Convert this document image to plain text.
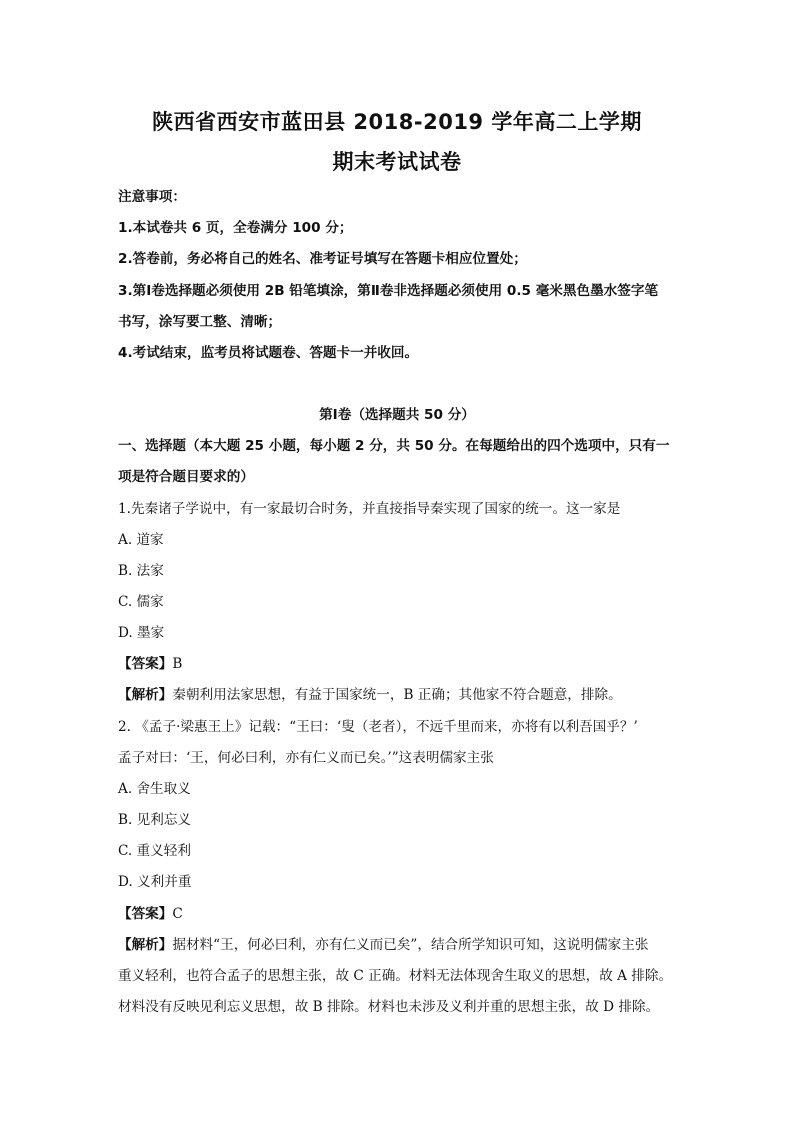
陕西省西安市蓝田县 2018-2019 学年高二上学期
期末考试试卷
注意事项：
1.本试卷共 6 页，全卷满分 100 分；
2.答卷前，务必将自己的姓名、准考证号填写在答题卡相应位置处；
3.第Ⅰ卷选择题必须使用 2B 铅笔填涂，第Ⅱ卷非选择题必须使用 0.5 毫米黑色墨水签字笔
书写，涂写要工整、清晰；
4.考试结束，监考员将试题卷、答题卡一并收回。
第Ⅰ卷（选择题共 50 分）
一、选择题（本大题 25 小题，每小题 2 分，共 50 分。在每题给出的四个选项中，只有一
项是符合题目要求的）
1.先秦诸子学说中，有一家最切合时务，并直接指导秦实现了国家的统一。这一家是
A. 道家
B. 法家
C. 儒家
D. 墨家
【答案】B
【解析】秦朝利用法家思想，有益于国家统一，B 正确；其他家不符合题意，排除。
2. 《孟子·梁惠王上》记载：“王曰：‘叟（老者），不远千里而来，亦将有以利吾国乎？’
孟子对曰：‘王，何必曰利，亦有仁义而已矣。’”这表明儒家主张
A. 舍生取义
B. 见利忘义
C. 重义轻利
D. 义利并重
【答案】C
【解析】据材料“王，何必曰利，亦有仁义而已矣”，结合所学知识可知，这说明儒家主张
重义轻利，也符合孟子的思想主张，故 C 正确。材料无法体现舍生取义的思想，故 A 排除。
材料没有反映见利忘义思想，故 B 排除。材料也未涉及义利并重的思想主张，故 D 排除。
